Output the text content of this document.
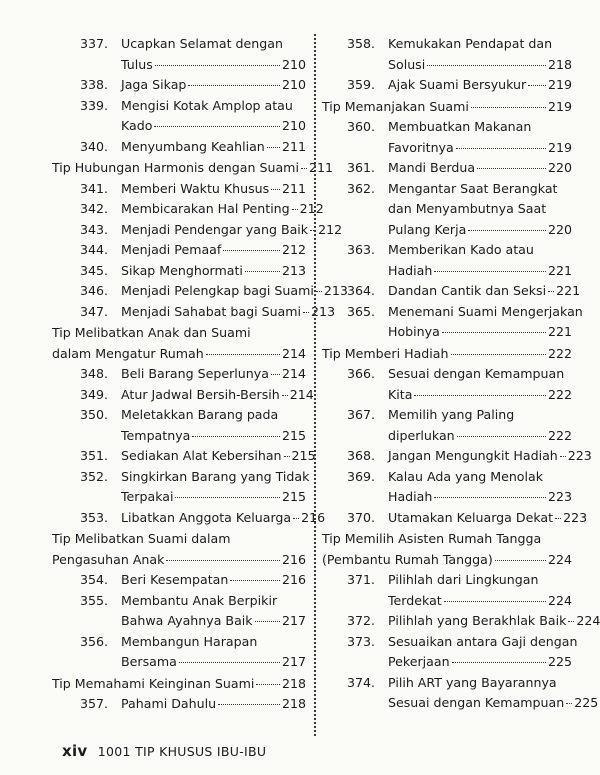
337.	Ucapkan Selamat dengan
Tulus	210
338.	Jaga Sikap	210
339.	Mengisi Kotak Amplop atau
Kado	210
340.	Menyumbang Keahlian 211
Tip Hubungan Harmonis dengan Suami 211
341.	Memberi Waktu Khusus 211
342.	Membicarakan Hal Penting 212
343.	Menjadi Pendengar yang Baik 212
344.	Menjadi Pemaaf	212
345.	Sikap Menghormati	213
346.	Menjadi Pelengkap bagi Suami 213
347.	Menjadi Sahabat bagi Suami 213
Tip Melibatkan Anak dan Suami
dalam Mengatur Rumah	214
348.	Beli Barang Seperlunya 214
349.	Atur Jadwal Bersih-Bersih 214
350.	Meletakkan Barang pada
Tempatnya	215
351.	Sediakan Alat Kebersihan 215
352.	Singkirkan Barang yang Tidak
Terpakai	215
353.	Libatkan Anggota Keluarga 216
Tip Melibatkan Suami dalam
Pengasuhan Anak	216
354.	Beri Kesempatan	216
355.	Membantu Anak Berpikir
Bahwa Ayahnya Baik 217
356.	Membangun Harapan
Bersama	217
Tip Memahami Keinginan Suami 218
357.	Pahami Dahulu	218
358.	Kemukakan Pendapat dan
Solusi	218
359.	Ajak Suami Bersyukur 219
Tip Memanjakan Suami	219
360.	Membuatkan Makanan
Favoritnya	219
361.	Mandi Berdua	220
362.	Mengantar Saat Berangkat
dan Menyambutnya Saat
Pulang Kerja	220
363.	Memberikan Kado atau
Hadiah	221
364.	Dandan Cantik dan Seksi 221
365.	Menemani Suami Mengerjakan
Hobinya	221
Tip Memberi Hadiah	222
366.	Sesuai dengan Kemampuan
Kita	222
367.	Memilih yang Paling
diperlukan	222
368.	Jangan Mengungkit Hadiah 223
369.	Kalau Ada yang Menolak
Hadiah	223
370.	Utamakan Keluarga Dekat 223
Tip Memilih Asisten Rumah Tangga
(Pembantu Rumah Tangga)	224
371.	Pilihlah dari Lingkungan
Terdekat	224
372.	Pilihlah yang Berakhlak Baik 224
373.	Sesuaikan antara Gaji dengan
Pekerjaan	225
374.	Pilih ART yang Bayarannya
Sesuai dengan Kemampuan 225
xiv 1001 TIP KHUSUS IBU-IBU
